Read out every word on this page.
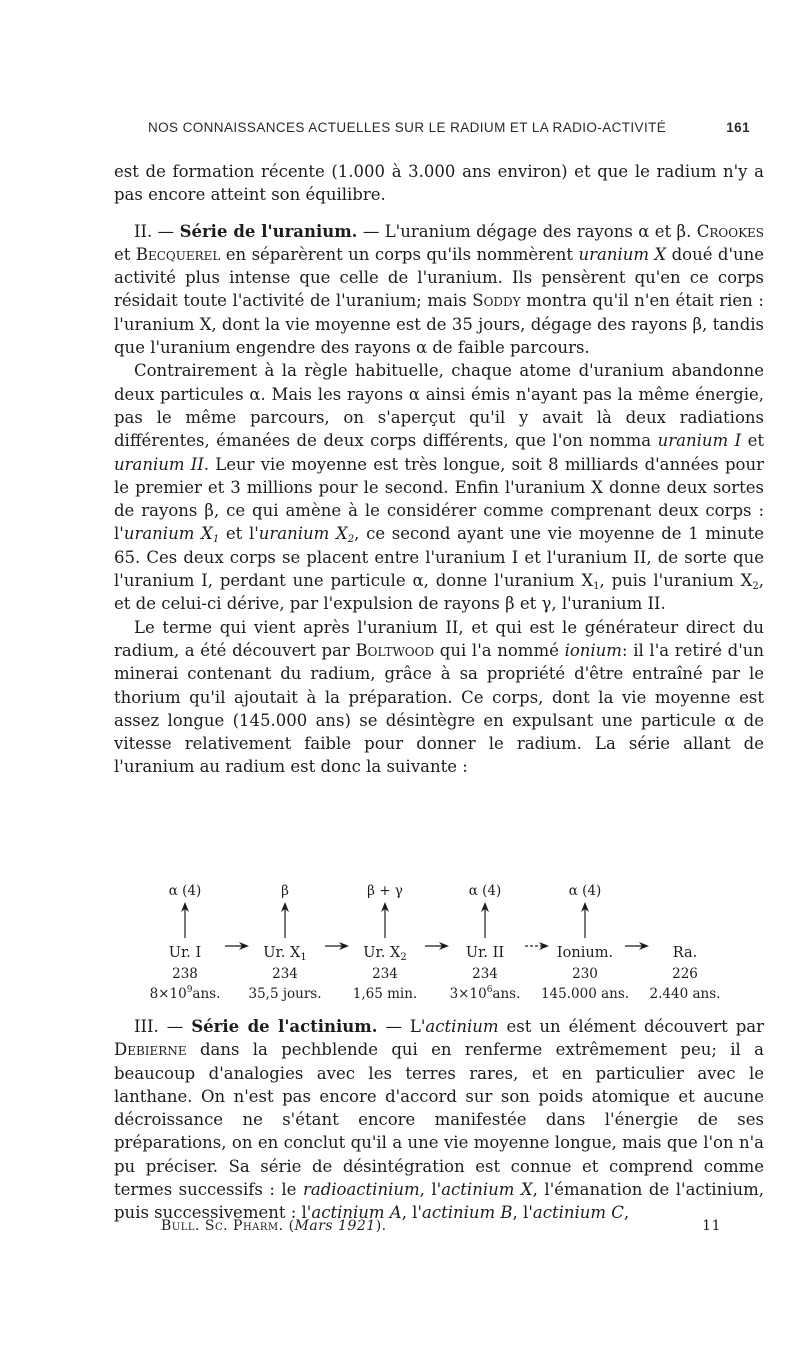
NOS CONNAISSANCES ACTUELLES SUR LE RADIUM ET LA RADIO-ACTIVITÉ	161

est de formation récente (1.000 à 3.000 ans environ) et que le radium n'y a pas encore atteint son équilibre.

II. — Série de l'uranium. — L'uranium dégage des rayons α et β. Crookes et Becquerel en séparèrent un corps qu'ils nommèrent uranium X doué d'une activité plus intense que celle de l'uranium. Ils pensèrent qu'en ce corps résidait toute l'activité de l'uranium; mais Soddy montra qu'il n'en était rien : l'uranium X, dont la vie moyenne est de 35 jours, dégage des rayons β, tandis que l'uranium engendre des rayons α de faible parcours.

Contrairement à la règle habituelle, chaque atome d'uranium abandonne deux particules α. Mais les rayons α ainsi émis n'ayant pas la même énergie, pas le même parcours, on s'aperçut qu'il y avait là deux radiations différentes, émanées de deux corps différents, que l'on nomma uranium I et uranium II. Leur vie moyenne est très longue, soit 8 milliards d'années pour le premier et 3 millions pour le second. Enfin l'uranium X donne deux sortes de rayons β, ce qui amène à le considérer comme comprenant deux corps : l'uranium $X_1$ et l'uranium $X_2$, ce second ayant une vie moyenne de 1 minute 65. Ces deux corps se placent entre l'uranium I et l'uranium II, de sorte que l'uranium I, perdant une particule α, donne l'uranium $X_1$, puis l'uranium $X_2$, et de celui-ci dérive, par l'expulsion de rayons β et γ, l'uranium II.

Le terme qui vient après l'uranium II, et qui est le générateur direct du radium, a été découvert par Boltwood qui l'a nommé ionium: il l'a retiré d'un minerai contenant du radium, grâce à sa propriété d'être entraîné par le thorium qu'il ajoutait à la préparation. Ce corps, dont la vie moyenne est assez longue (145.000 ans) se désintègre en expulsant une particule α de vitesse relativement faible pour donner le radium. La série allant de l'uranium au radium est donc la suivante :

α (4)
Ur. I
238
$8\times 10^9ans$.
β
Ur. $X_1$
234
35,5 jours.
β + γ
Ur. $X_2$
234
1,65 min.
α (4)
Ur. II
234
$3\times 10^6ans$.
α (4)
Ionium.
230
145.000 ans.
Ra.
226
2.440 ans.

III. — Série de l'actinium. — L'actinium est un élément découvert par Debierne dans la pechblende qui en renferme extrêmement peu; il a beaucoup d'analogies avec les terres rares, et en particulier avec le lanthane. On n'est pas encore d'accord sur son poids atomique et aucune décroissance ne s'étant encore manifestée dans l'énergie de ses préparations, on en conclut qu'il a une vie moyenne longue, mais que l'on n'a pu préciser. Sa série de désintégration est connue et comprend comme termes successifs : le radioactinium, l'actinium X, l'émanation de l'actinium, puis successivement : l'actinium A, l'actinium B, l'actinium C,

Bull. Sc. Pharm. (Mars 1921).	11
